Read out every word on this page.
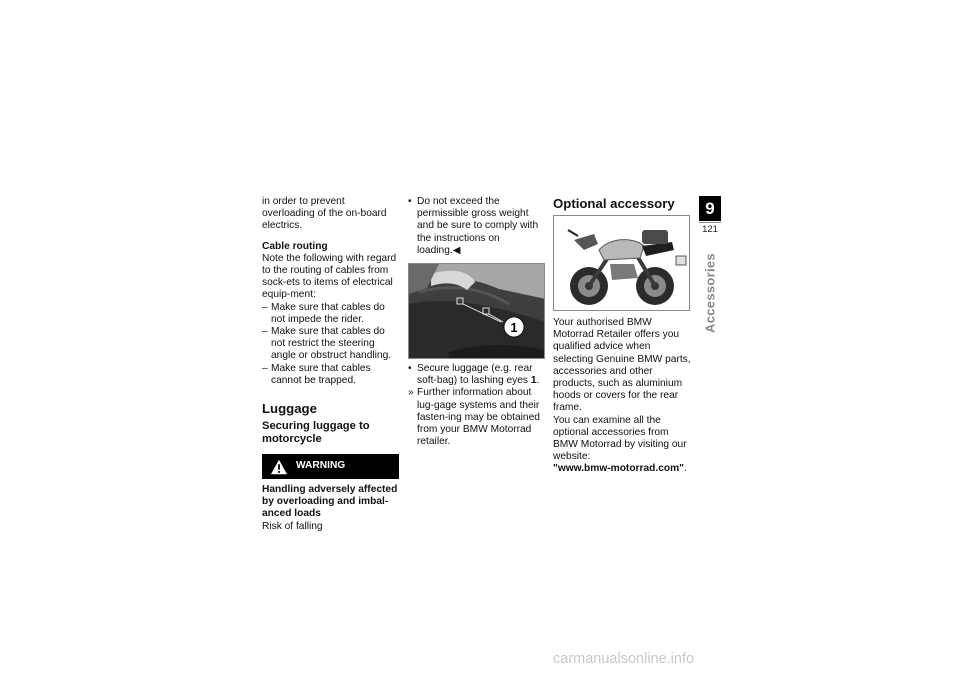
in order to prevent overloading of the on-board electrics.

Cable routing

Note the following with regard to the routing of cables from sock-ets to items of electrical equip-ment:

– Make sure that cables do not impede the rider.
– Make sure that cables do not restrict the steering angle or obstruct handling.
– Make sure that cables cannot be trapped.

Luggage

Securing luggage to motorcycle

WARNING

Handling adversely affected by overloading and imbal-anced loads

Risk of falling

• Do not exceed the permissible gross weight and be sure to comply with the instructions on loading.◀
1
• Secure luggage (e.g. rear soft-bag) to lashing eyes 1.
» Further information about lug-gage systems and their fasten-ing may be obtained from your BMW Motorrad retailer.

Optional accessory

Your authorised BMW Motorrad Retailer offers you qualified advice when selecting Genuine BMW parts, accessories and other products, such as aluminium hoods or covers for the rear frame.

You can examine all the optional accessories from BMW Motorrad by visiting our website:

"www.bmw-motorrad.com".

9
121
Accessories
carmanualsonline.info
